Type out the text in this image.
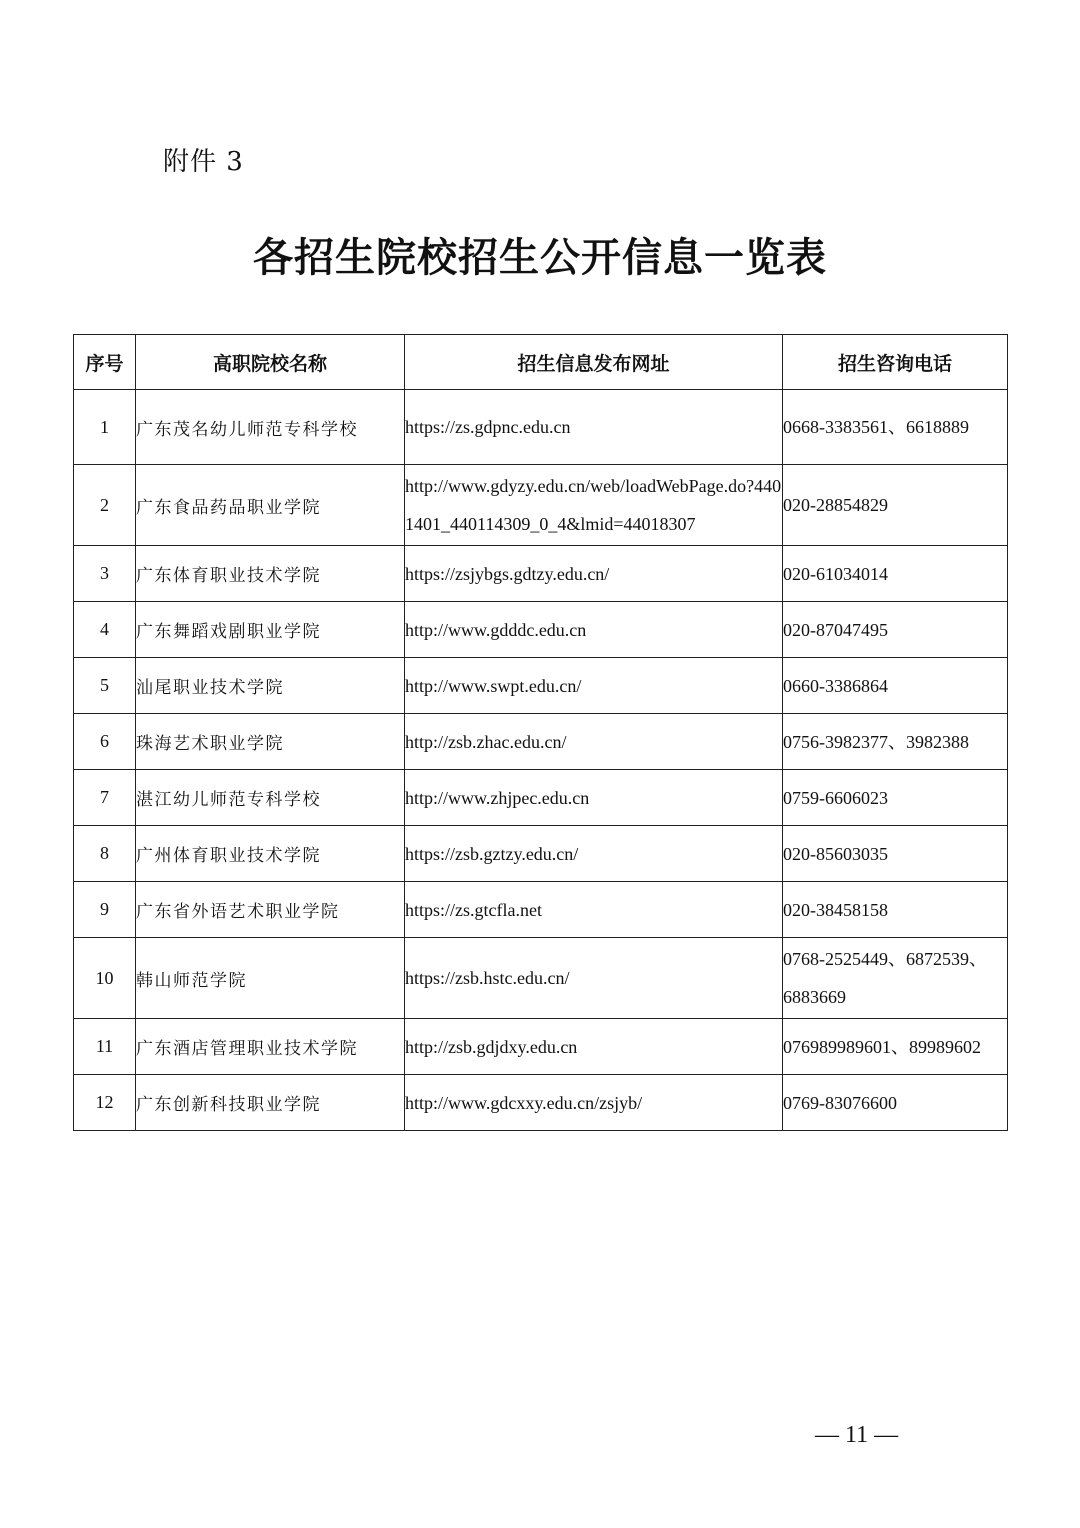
附件 3
各招生院校招生公开信息一览表
序号	高职院校名称	招生信息发布网址	招生咨询电话
1	广东茂名幼儿师范专科学校	https://zs.gdpnc.edu.cn	0668-3383561、6618889
2	广东食品药品职业学院	http://www.gdyzy.edu.cn/web/loadWebPage.do?4401401_440114309_0_4&lmid=44018307	020-28854829
3	广东体育职业技术学院	https://zsjybgs.gdtzy.edu.cn/	020-61034014
4	广东舞蹈戏剧职业学院	http://www.gdddc.edu.cn	020-87047495
5	汕尾职业技术学院	http://www.swpt.edu.cn/	0660-3386864
6	珠海艺术职业学院	http://zsb.zhac.edu.cn/	0756-3982377、3982388
7	湛江幼儿师范专科学校	http://www.zhjpec.edu.cn	0759-6606023
8	广州体育职业技术学院	https://zsb.gztzy.edu.cn/	020-85603035
9	广东省外语艺术职业学院	https://zs.gtcfla.net	020-38458158
10	韩山师范学院	https://zsb.hstc.edu.cn/	0768-2525449、6872539、6883669
11	广东酒店管理职业技术学院	http://zsb.gdjdxy.edu.cn	076989989601、89989602
12	广东创新科技职业学院	http://www.gdcxxy.edu.cn/zsjyb/	0769-83076600
— 11 —
